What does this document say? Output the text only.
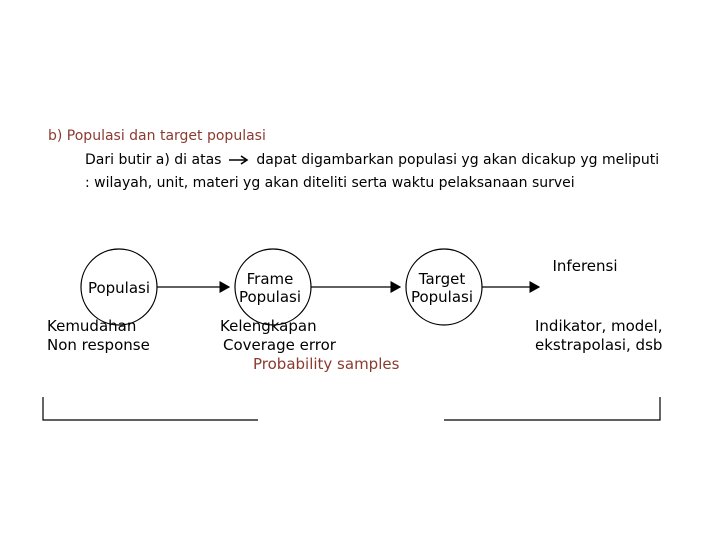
b) Populasi dan target populasi
Dari butir a) di atas dapat digambarkan populasi yg akan dicakup yg meliputi
: wilayah, unit, materi yg akan diteliti serta waktu pelaksanaan survei
Populasi	Frame
Populasi
Target
Populasi
Inferensi
Kemudahan
Non response
Kelengkapan
Coverage error
Probability samples
Indikator, model,
ekstrapolasi, dsb
